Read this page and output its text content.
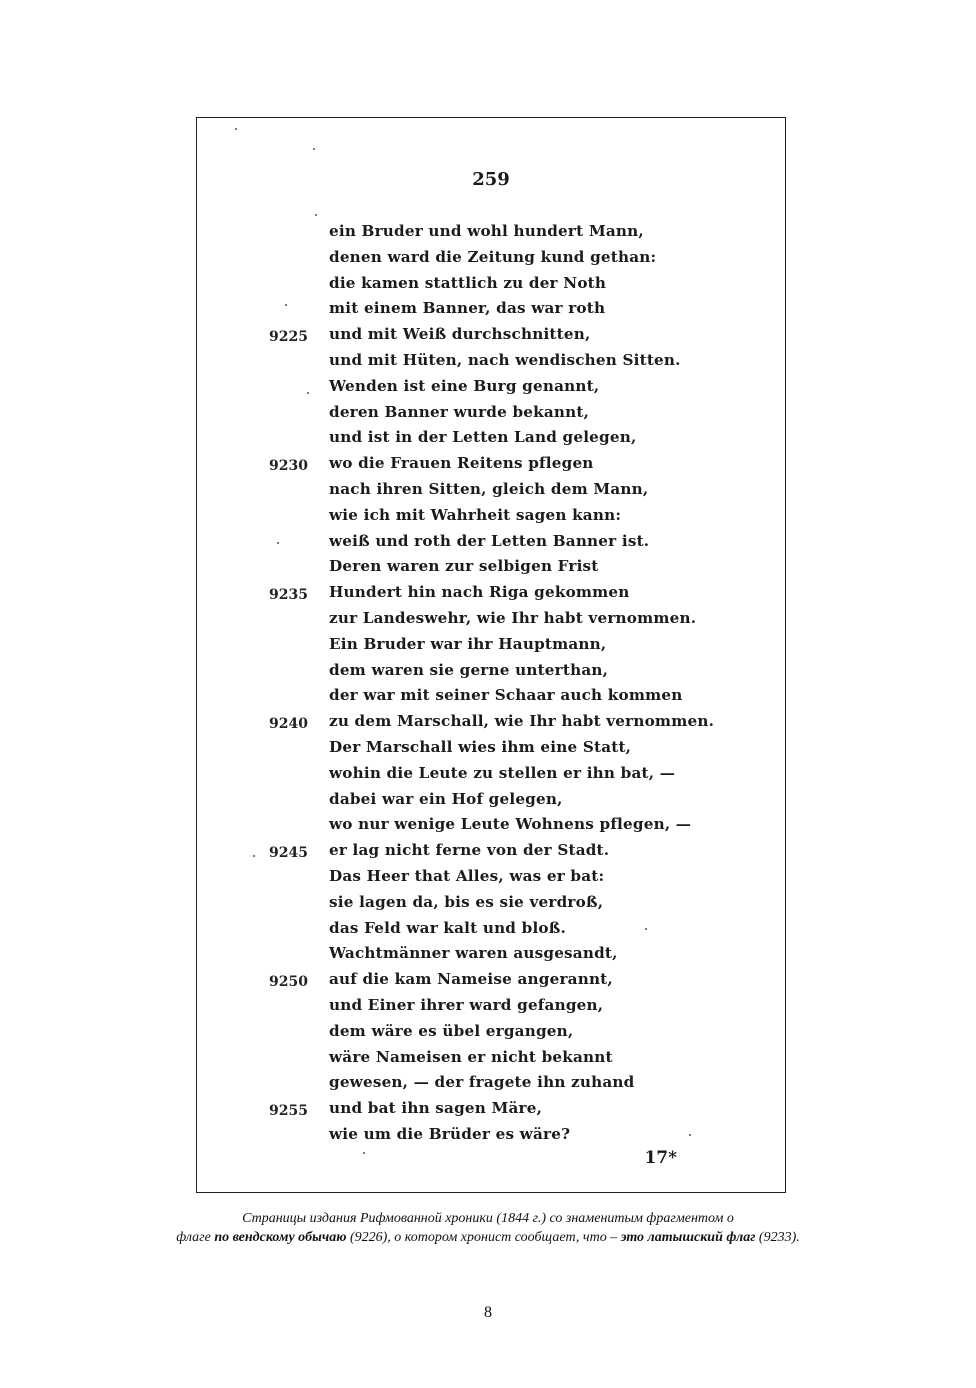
259
ein Bruder und wohl hundert Mann,
denen ward die Zeitung kund gethan:
die kamen stattlich zu der Noth
mit einem Banner, das war roth
9225	und mit Weiß durchschnitten,
und mit Hüten, nach wendischen Sitten.
Wenden ist eine Burg genannt,
deren Banner wurde bekannt,
und ist in der Letten Land gelegen,
9230	wo die Frauen Reitens pflegen
nach ihren Sitten, gleich dem Mann,
wie ich mit Wahrheit sagen kann:
weiß und roth der Letten Banner ist.
Deren waren zur selbigen Frist
9235	Hundert hin nach Riga gekommen
zur Landeswehr, wie Ihr habt vernommen.
Ein Bruder war ihr Hauptmann,
dem waren sie gerne unterthan,
der war mit seiner Schaar auch kommen
9240	zu dem Marschall, wie Ihr habt vernommen.
Der Marschall wies ihm eine Statt,
wohin die Leute zu stellen er ihn bat, —
dabei war ein Hof gelegen,
wo nur wenige Leute Wohnens pflegen, —
9245	er lag nicht ferne von der Stadt.
Das Heer that Alles, was er bat:
sie lagen da, bis es sie verdroß,
das Feld war kalt und bloß.
Wachtmänner waren ausgesandt,
9250	auf die kam Nameise angerannt,
und Einer ihrer ward gefangen,
dem wäre es übel ergangen,
wäre Nameisen er nicht bekannt
gewesen, — der fragete ihn zuhand
9255	und bat ihn sagen Märe,
wie um die Brüder es wäre?
17*
Страницы издания Рифмованной хроники (1844 г.) со знаменитым фрагментом о
флаге по вендскому обычаю (9226), о котором хронист сообщает, что – это латышский флаг (9233).
8
